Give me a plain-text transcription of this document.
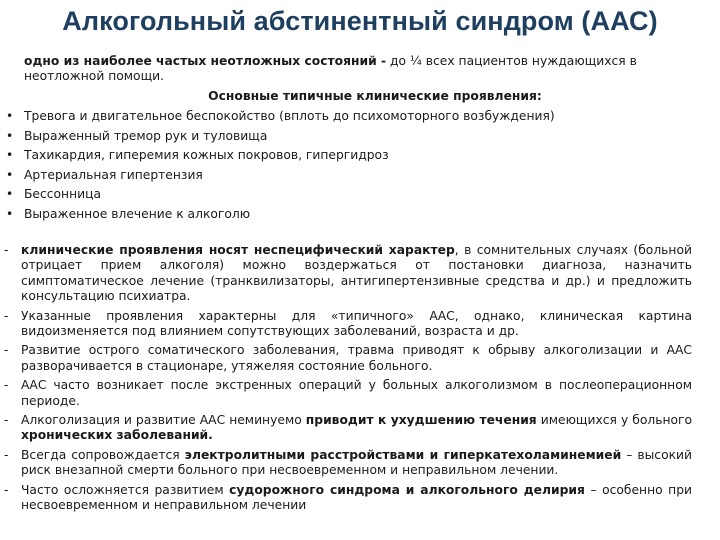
Алкогольный абстинентный синдром (ААС)
одно из наиболее частых неотложных состояний - до ¼ всех пациентов нуждающихся в неотложной помощи.
Основные типичные клинические проявления:
• Тревога и двигательное беспокойство (вплоть до психомоторного возбуждения)
• Выраженный тремор рук и туловища
• Тахикардия, гиперемия кожных покровов, гипергидроз
• Артериальная гипертензия
• Бессонница
• Выраженное влечение к алкоголю
- клинические проявления носят неспецифический характер, в сомнительных случаях (больной отрицает прием алкоголя) можно воздержаться от постановки диагноза, назначить симптоматическое лечение (транквилизаторы, антигипертензивные средства и др.) и предложить консультацию психиатра.
- Указанные проявления характерны для «типичного» ААС, однако, клиническая картина видоизменяется под влиянием сопутствующих заболеваний, возраста и др.
- Развитие острого соматического заболевания, травма приводят к обрыву алкоголизации и ААС разворачивается в стационаре, утяжеляя состояние больного.
- ААС часто возникает после экстренных операций у больных алкоголизмом в послеоперационном периоде.
- Алкоголизация и развитие ААС неминуемо приводит к ухудшению течения имеющихся у больного хронических заболеваний.
- Всегда сопровождается электролитными расстройствами и гиперкатехоламинемией – высокий риск внезапной смерти больного при несвоевременном и неправильном лечении.
- Часто осложняется развитием судорожного синдрома и алкогольного делирия – особенно при несвоевременном и неправильном лечении
